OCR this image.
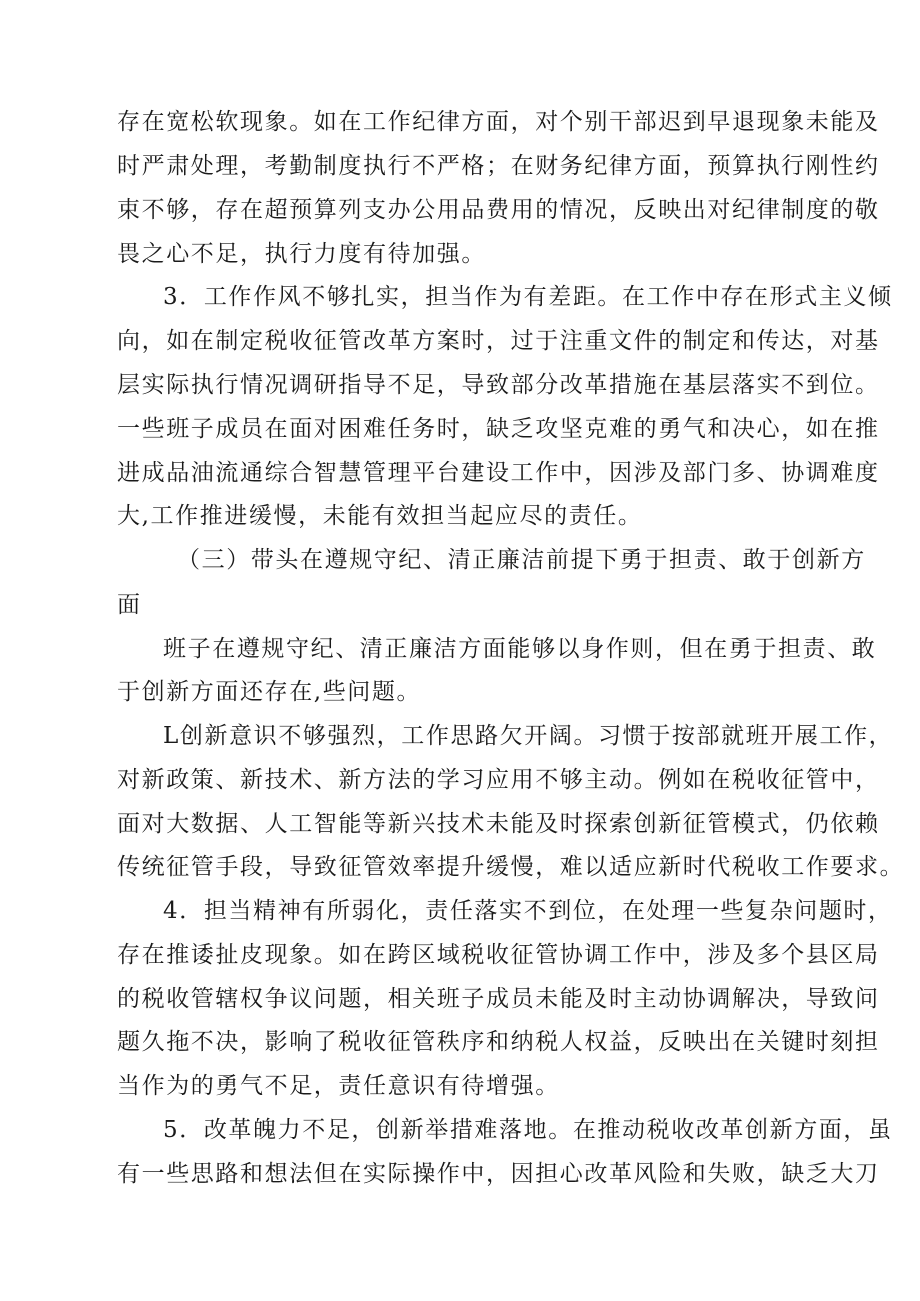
存在宽松软现象。如在工作纪律方面，对个别干部迟到早退现象未能及
时严肃处理，考勤制度执行不严格；在财务纪律方面，预算执行刚性约
束不够，存在超预算列支办公用品费用的情况，反映出对纪律制度的敬
畏之心不足，执行力度有待加强。
3．工作作风不够扎实，担当作为有差距。在工作中存在形式主义倾
向，如在制定税收征管改革方案时，过于注重文件的制定和传达，对基
层实际执行情况调研指导不足，导致部分改革措施在基层落实不到位。
一些班子成员在面对困难任务时，缺乏攻坚克难的勇气和决心，如在推
进成品油流通综合智慧管理平台建设工作中，因涉及部门多、协调难度
大,工作推进缓慢，未能有效担当起应尽的责任。
（三）带头在遵规守纪、清正廉洁前提下勇于担责、敢于创新方
面
班子在遵规守纪、清正廉洁方面能够以身作则，但在勇于担责、敢
于创新方面还存在,些问题。
L创新意识不够强烈，工作思路欠开阔。习惯于按部就班开展工作，
对新政策、新技术、新方法的学习应用不够主动。例如在税收征管中，
面对大数据、人工智能等新兴技术未能及时探索创新征管模式，仍依赖
传统征管手段，导致征管效率提升缓慢，难以适应新时代税收工作要求。
4．担当精神有所弱化，责任落实不到位，在处理一些复杂问题时，
存在推诿扯皮现象。如在跨区域税收征管协调工作中，涉及多个县区局
的税收管辖权争议问题，相关班子成员未能及时主动协调解决，导致问
题久拖不决，影响了税收征管秩序和纳税人权益，反映出在关键时刻担
当作为的勇气不足，责任意识有待增强。
5．改革魄力不足，创新举措难落地。在推动税收改革创新方面，虽
有一些思路和想法但在实际操作中，因担心改革风险和失败，缺乏大刀
